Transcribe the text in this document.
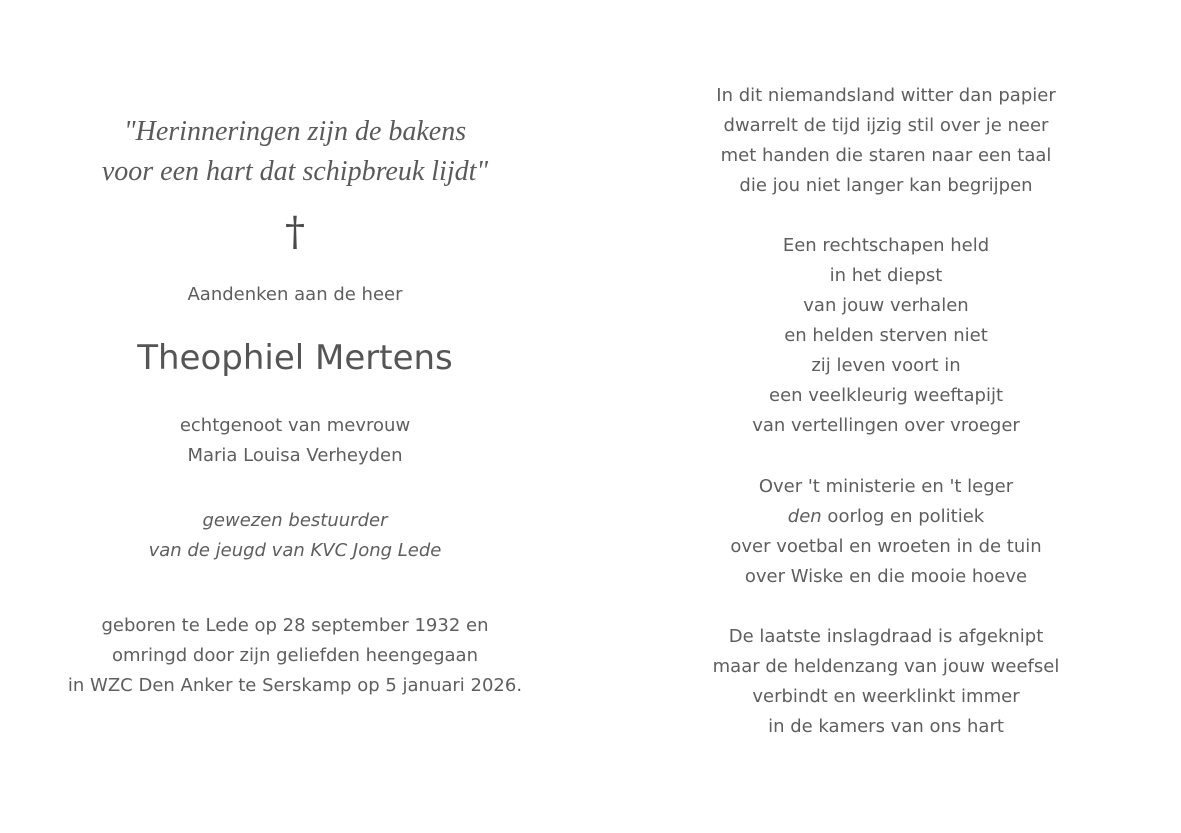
"Herinneringen zijn de bakens
voor een hart dat schipbreuk lijdt"
†
Aandenken aan de heer
Theophiel Mertens
echtgenoot van mevrouw
Maria Louisa Verheyden
gewezen bestuurder
van de jeugd van KVC Jong Lede
geboren te Lede op 28 september 1932 en
omringd door zijn geliefden heengegaan
in WZC Den Anker te Serskamp op 5 januari 2026.
In dit niemandsland witter dan papier
dwarrelt de tijd ijzig stil over je neer
met handen die staren naar een taal
die jou niet langer kan begrijpen
Een rechtschapen held
in het diepst
van jouw verhalen
en helden sterven niet
zij leven voort in
een veelkleurig weeftapijt
van vertellingen over vroeger
Over 't ministerie en 't leger
den oorlog en politiek
over voetbal en wroeten in de tuin
over Wiske en die mooie hoeve
De laatste inslagdraad is afgeknipt
maar de heldenzang van jouw weefsel
verbindt en weerklinkt immer
in de kamers van ons hart
